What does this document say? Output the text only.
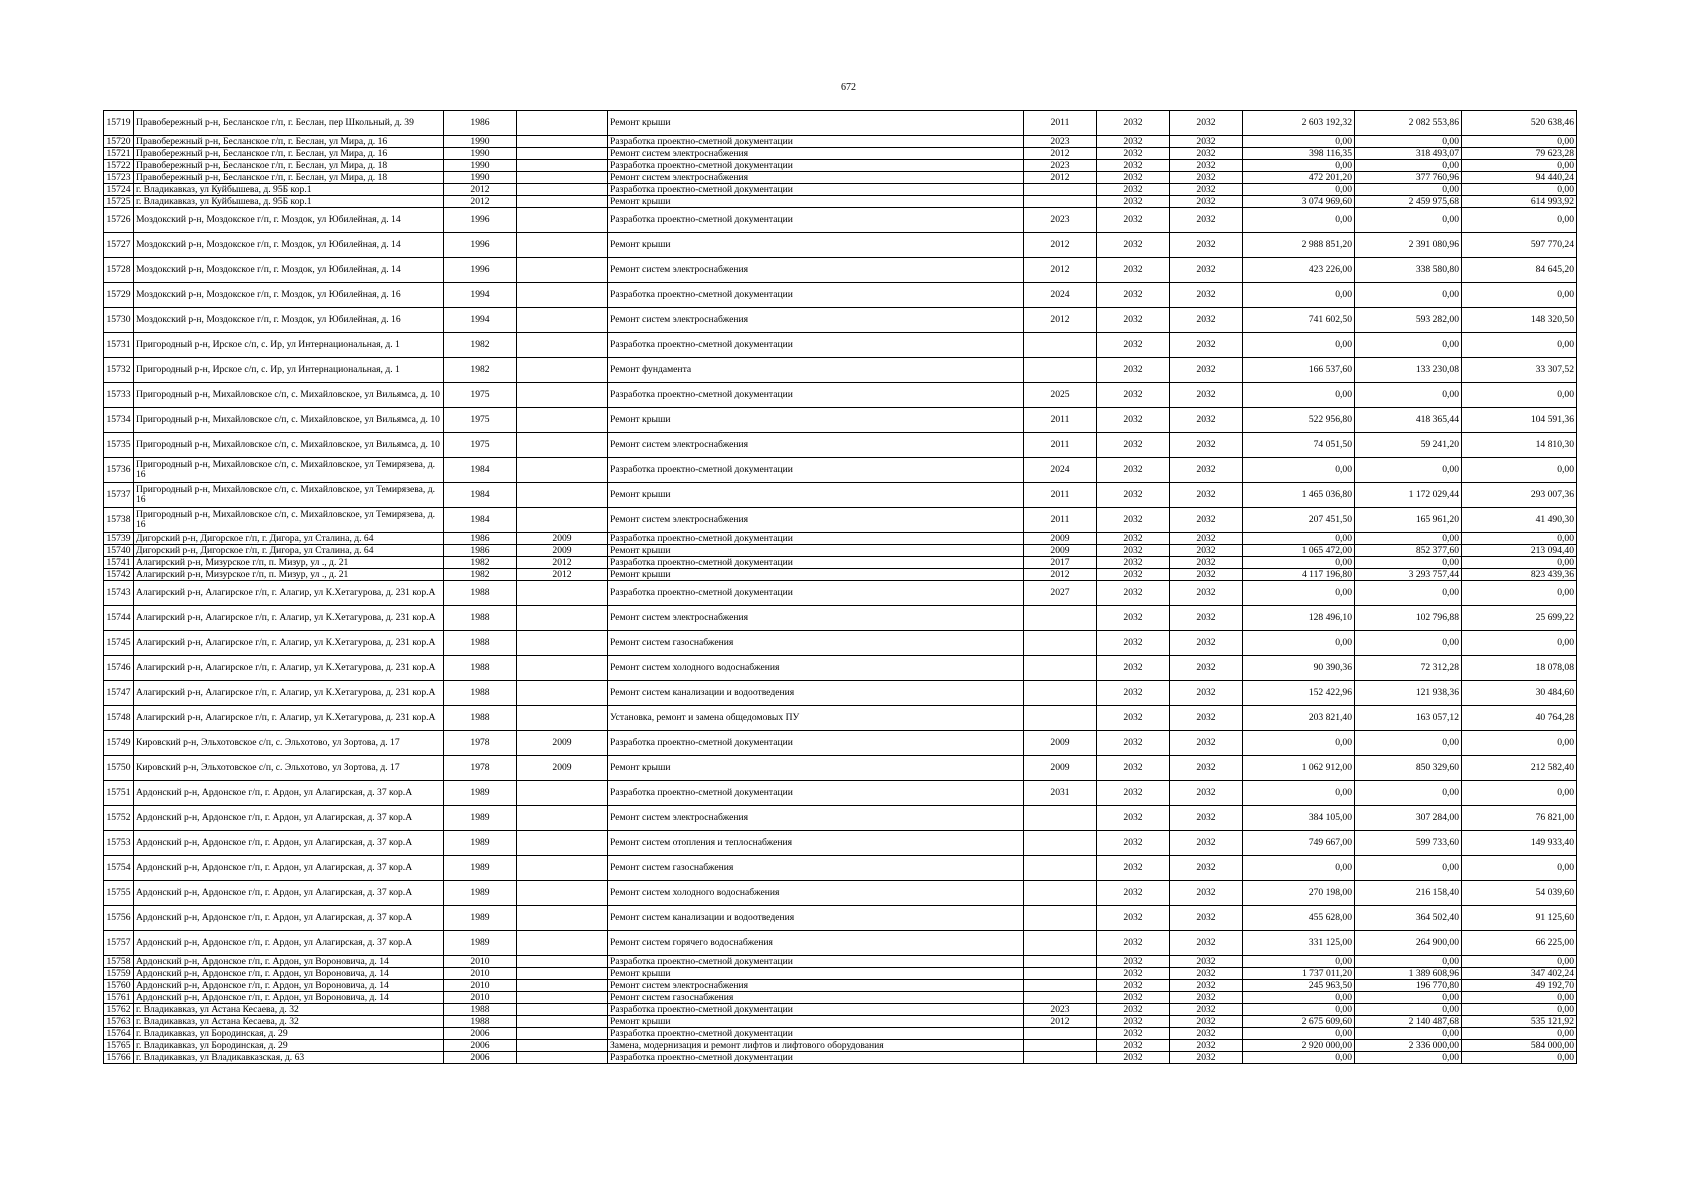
672
15719	Правобережный р-н, Бесланское г/п, г. Беслан, пер Школьный, д. 39	1986		Ремонт крыши	2011	2032	2032	2 603 192,32	2 082 553,86	520 638,46
15720	Правобережный р-н, Бесланское г/п, г. Беслан, ул Мира, д. 16	1990		Разработка проектно-сметной документации	2023	2032	2032	0,00	0,00	0,00
15721	Правобережный р-н, Бесланское г/п, г. Беслан, ул Мира, д. 16	1990		Ремонт систем электроснабжения	2012	2032	2032	398 116,35	318 493,07	79 623,28
15722	Правобережный р-н, Бесланское г/п, г. Беслан, ул Мира, д. 18	1990		Разработка проектно-сметной документации	2023	2032	2032	0,00	0,00	0,00
15723	Правобережный р-н, Бесланское г/п, г. Беслан, ул Мира, д. 18	1990		Ремонт систем электроснабжения	2012	2032	2032	472 201,20	377 760,96	94 440,24
15724	г. Владикавказ, ул Куйбышева, д. 95Б кор.1	2012		Разработка проектно-сметной документации		2032	2032	0,00	0,00	0,00
15725	г. Владикавказ, ул Куйбышева, д. 95Б кор.1	2012		Ремонт крыши		2032	2032	3 074 969,60	2 459 975,68	614 993,92
15726	Моздокский р-н, Моздокское г/п, г. Моздок, ул Юбилейная, д. 14	1996		Разработка проектно-сметной документации	2023	2032	2032	0,00	0,00	0,00
15727	Моздокский р-н, Моздокское г/п, г. Моздок, ул Юбилейная, д. 14	1996		Ремонт крыши	2012	2032	2032	2 988 851,20	2 391 080,96	597 770,24
15728	Моздокский р-н, Моздокское г/п, г. Моздок, ул Юбилейная, д. 14	1996		Ремонт систем электроснабжения	2012	2032	2032	423 226,00	338 580,80	84 645,20
15729	Моздокский р-н, Моздокское г/п, г. Моздок, ул Юбилейная, д. 16	1994		Разработка проектно-сметной документации	2024	2032	2032	0,00	0,00	0,00
15730	Моздокский р-н, Моздокское г/п, г. Моздок, ул Юбилейная, д. 16	1994		Ремонт систем электроснабжения	2012	2032	2032	741 602,50	593 282,00	148 320,50
15731	Пригородный р-н, Ирское с/п, с. Ир, ул Интернациональная, д. 1	1982		Разработка проектно-сметной документации		2032	2032	0,00	0,00	0,00
15732	Пригородный р-н, Ирское с/п, с. Ир, ул Интернациональная, д. 1	1982		Ремонт фундамента		2032	2032	166 537,60	133 230,08	33 307,52
15733	Пригородный р-н, Михайловское с/п, с. Михайловское, ул Вильямса, д. 10	1975		Разработка проектно-сметной документации	2025	2032	2032	0,00	0,00	0,00
15734	Пригородный р-н, Михайловское с/п, с. Михайловское, ул Вильямса, д. 10	1975		Ремонт крыши	2011	2032	2032	522 956,80	418 365,44	104 591,36
15735	Пригородный р-н, Михайловское с/п, с. Михайловское, ул Вильямса, д. 10	1975		Ремонт систем электроснабжения	2011	2032	2032	74 051,50	59 241,20	14 810,30
15736	Пригородный р-н, Михайловское с/п, с. Михайловское, ул Темирязева, д. 16	1984		Разработка проектно-сметной документации	2024	2032	2032	0,00	0,00	0,00
15737	Пригородный р-н, Михайловское с/п, с. Михайловское, ул Темирязева, д. 16	1984		Ремонт крыши	2011	2032	2032	1 465 036,80	1 172 029,44	293 007,36
15738	Пригородный р-н, Михайловское с/п, с. Михайловское, ул Темирязева, д. 16	1984		Ремонт систем электроснабжения	2011	2032	2032	207 451,50	165 961,20	41 490,30
15739	Дигорский р-н, Дигорское г/п, г. Дигора, ул Сталина, д. 64	1986	2009	Разработка проектно-сметной документации	2009	2032	2032	0,00	0,00	0,00
15740	Дигорский р-н, Дигорское г/п, г. Дигора, ул Сталина, д. 64	1986	2009	Ремонт крыши	2009	2032	2032	1 065 472,00	852 377,60	213 094,40
15741	Алагирский р-н, Мизурское г/п, п. Мизур, ул ., д. 21	1982	2012	Разработка проектно-сметной документации	2017	2032	2032	0,00	0,00	0,00
15742	Алагирский р-н, Мизурское г/п, п. Мизур, ул ., д. 21	1982	2012	Ремонт крыши	2012	2032	2032	4 117 196,80	3 293 757,44	823 439,36
15743	Алагирский р-н, Алагирское г/п, г. Алагир, ул К.Хетагурова, д. 231 кор.А	1988		Разработка проектно-сметной документации	2027	2032	2032	0,00	0,00	0,00
15744	Алагирский р-н, Алагирское г/п, г. Алагир, ул К.Хетагурова, д. 231 кор.А	1988		Ремонт систем электроснабжения		2032	2032	128 496,10	102 796,88	25 699,22
15745	Алагирский р-н, Алагирское г/п, г. Алагир, ул К.Хетагурова, д. 231 кор.А	1988		Ремонт систем газоснабжения		2032	2032	0,00	0,00	0,00
15746	Алагирский р-н, Алагирское г/п, г. Алагир, ул К.Хетагурова, д. 231 кор.А	1988		Ремонт систем холодного водоснабжения		2032	2032	90 390,36	72 312,28	18 078,08
15747	Алагирский р-н, Алагирское г/п, г. Алагир, ул К.Хетагурова, д. 231 кор.А	1988		Ремонт систем канализации и водоотведения		2032	2032	152 422,96	121 938,36	30 484,60
15748	Алагирский р-н, Алагирское г/п, г. Алагир, ул К.Хетагурова, д. 231 кор.А	1988		Установка, ремонт и замена общедомовых ПУ		2032	2032	203 821,40	163 057,12	40 764,28
15749	Кировский р-н, Эльхотовское с/п, с. Эльхотово, ул Зортова, д. 17	1978	2009	Разработка проектно-сметной документации	2009	2032	2032	0,00	0,00	0,00
15750	Кировский р-н, Эльхотовское с/п, с. Эльхотово, ул Зортова, д. 17	1978	2009	Ремонт крыши	2009	2032	2032	1 062 912,00	850 329,60	212 582,40
15751	Ардонский р-н, Ардонское г/п, г. Ардон, ул Алагирская, д. 37 кор.А	1989		Разработка проектно-сметной документации	2031	2032	2032	0,00	0,00	0,00
15752	Ардонский р-н, Ардонское г/п, г. Ардон, ул Алагирская, д. 37 кор.А	1989		Ремонт систем электроснабжения		2032	2032	384 105,00	307 284,00	76 821,00
15753	Ардонский р-н, Ардонское г/п, г. Ардон, ул Алагирская, д. 37 кор.А	1989		Ремонт систем отопления и теплоснабжения		2032	2032	749 667,00	599 733,60	149 933,40
15754	Ардонский р-н, Ардонское г/п, г. Ардон, ул Алагирская, д. 37 кор.А	1989		Ремонт систем газоснабжения		2032	2032	0,00	0,00	0,00
15755	Ардонский р-н, Ардонское г/п, г. Ардон, ул Алагирская, д. 37 кор.А	1989		Ремонт систем холодного водоснабжения		2032	2032	270 198,00	216 158,40	54 039,60
15756	Ардонский р-н, Ардонское г/п, г. Ардон, ул Алагирская, д. 37 кор.А	1989		Ремонт систем канализации и водоотведения		2032	2032	455 628,00	364 502,40	91 125,60
15757	Ардонский р-н, Ардонское г/п, г. Ардон, ул Алагирская, д. 37 кор.А	1989		Ремонт систем горячего водоснабжения		2032	2032	331 125,00	264 900,00	66 225,00
15758	Ардонский р-н, Ардонское г/п, г. Ардон, ул Вороновича, д. 14	2010		Разработка проектно-сметной документации		2032	2032	0,00	0,00	0,00
15759	Ардонский р-н, Ардонское г/п, г. Ардон, ул Вороновича, д. 14	2010		Ремонт крыши		2032	2032	1 737 011,20	1 389 608,96	347 402,24
15760	Ардонский р-н, Ардонское г/п, г. Ардон, ул Вороновича, д. 14	2010		Ремонт систем электроснабжения		2032	2032	245 963,50	196 770,80	49 192,70
15761	Ардонский р-н, Ардонское г/п, г. Ардон, ул Вороновича, д. 14	2010		Ремонт систем газоснабжения		2032	2032	0,00	0,00	0,00
15762	г. Владикавказ, ул Астана Кесаева, д. 32	1988		Разработка проектно-сметной документации	2023	2032	2032	0,00	0,00	0,00
15763	г. Владикавказ, ул Астана Кесаева, д. 32	1988		Ремонт крыши	2012	2032	2032	2 675 609,60	2 140 487,68	535 121,92
15764	г. Владикавказ, ул Бородинская, д. 29	2006		Разработка проектно-сметной документации		2032	2032	0,00	0,00	0,00
15765	г. Владикавказ, ул Бородинская, д. 29	2006		Замена, модернизация и ремонт лифтов и лифтового оборудования		2032	2032	2 920 000,00	2 336 000,00	584 000,00
15766	г. Владикавказ, ул Владикавказская, д. 63	2006		Разработка проектно-сметной документации		2032	2032	0,00	0,00	0,00
